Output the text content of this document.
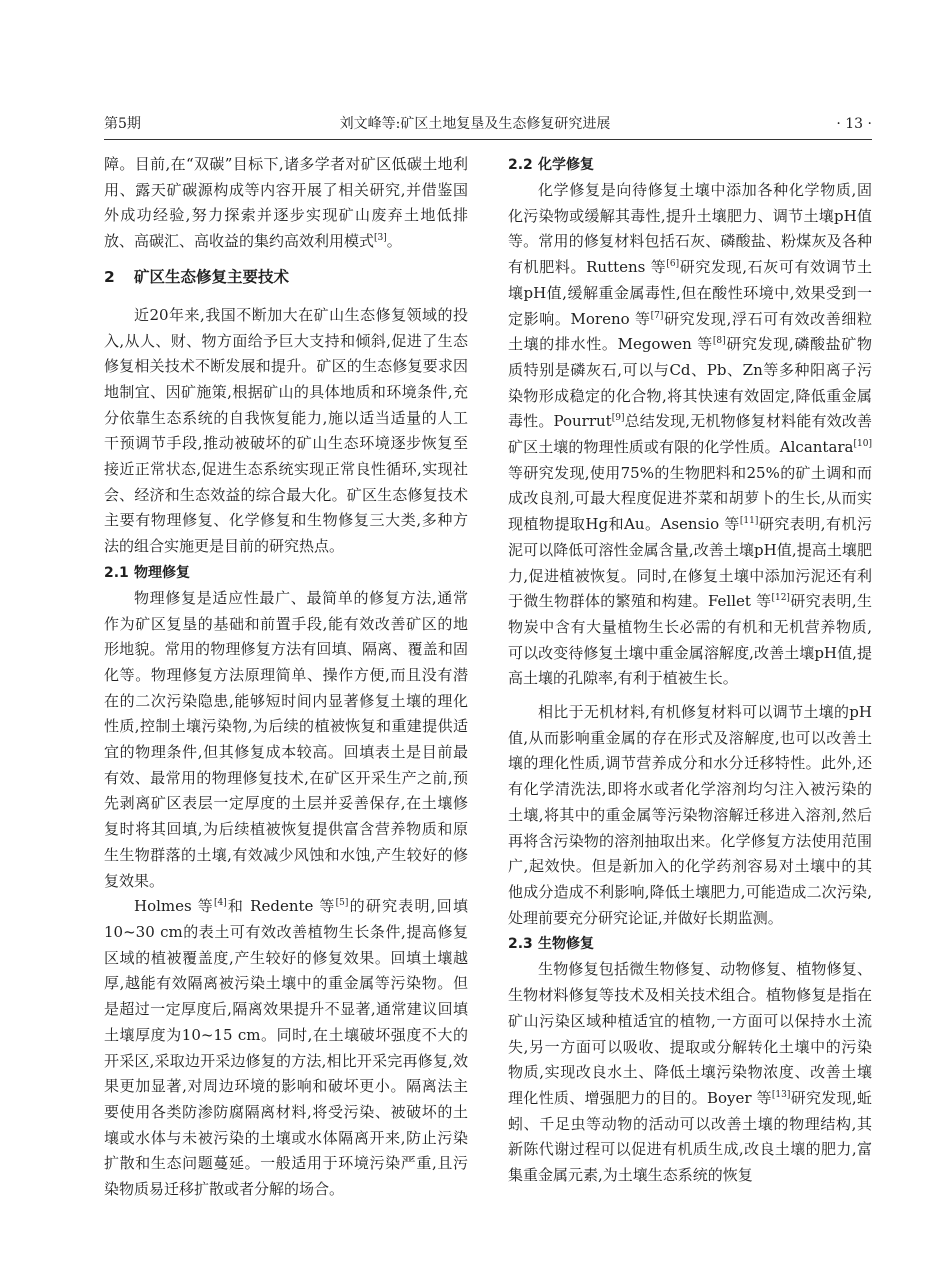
第5期	刘文峰等:矿区土地复垦及生态修复研究进展	· 13 ·

障。目前,在“双碳”目标下,诸多学者对矿区低碳土地利用、露天矿碳源构成等内容开展了相关研究,并借鉴国外成功经验,努力探索并逐步实现矿山废弃土地低排放、高碳汇、高收益的集约高效利用模式[3]。

2 矿区生态修复主要技术

近20年来,我国不断加大在矿山生态修复领域的投入,从人、财、物方面给予巨大支持和倾斜,促进了生态修复相关技术不断发展和提升。矿区的生态修复要求因地制宜、因矿施策,根据矿山的具体地质和环境条件,充分依靠生态系统的自我恢复能力,施以适当适量的人工干预调节手段,推动被破坏的矿山生态环境逐步恢复至接近正常状态,促进生态系统实现正常良性循环,实现社会、经济和生态效益的综合最大化。矿区生态修复技术主要有物理修复、化学修复和生物修复三大类,多种方法的组合实施更是目前的研究热点。

2.1 物理修复

物理修复是适应性最广、最简单的修复方法,通常作为矿区复垦的基础和前置手段,能有效改善矿区的地形地貌。常用的物理修复方法有回填、隔离、覆盖和固化等。物理修复方法原理简单、操作方便,而且没有潜在的二次污染隐患,能够短时间内显著修复土壤的理化性质,控制土壤污染物,为后续的植被恢复和重建提供适宜的物理条件,但其修复成本较高。回填表土是目前最有效、最常用的物理修复技术,在矿区开采生产之前,预先剥离矿区表层一定厚度的土层并妥善保存,在土壤修复时将其回填,为后续植被恢复提供富含营养物质和原生生物群落的土壤,有效减少风蚀和水蚀,产生较好的修复效果。

Holmes 等[4]和 Redente 等[5]的研究表明,回填10~30 cm的表土可有效改善植物生长条件,提高修复区域的植被覆盖度,产生较好的修复效果。回填土壤越厚,越能有效隔离被污染土壤中的重金属等污染物。但是超过一定厚度后,隔离效果提升不显著,通常建议回填土壤厚度为10~15 cm。同时,在土壤破坏强度不大的开采区,采取边开采边修复的方法,相比开采完再修复,效果更加显著,对周边环境的影响和破坏更小。隔离法主要使用各类防渗防腐隔离材料,将受污染、被破坏的土壤或水体与未被污染的土壤或水体隔离开来,防止污染扩散和生态问题蔓延。一般适用于环境污染严重,且污染物质易迁移扩散或者分解的场合。

2.2 化学修复

化学修复是向待修复土壤中添加各种化学物质,固化污染物或缓解其毒性,提升土壤肥力、调节土壤pH值等。常用的修复材料包括石灰、磷酸盐、粉煤灰及各种有机肥料。Ruttens 等[6]研究发现,石灰可有效调节土壤pH值,缓解重金属毒性,但在酸性环境中,效果受到一定影响。Moreno 等[7]研究发现,浮石可有效改善细粒土壤的排水性。Megowen 等[8]研究发现,磷酸盐矿物质特别是磷灰石,可以与Cd、Pb、Zn等多种阳离子污染物形成稳定的化合物,将其快速有效固定,降低重金属毒性。Pourrut[9]总结发现,无机物修复材料能有效改善矿区土壤的物理性质或有限的化学性质。Alcantara[10]等研究发现,使用75%的生物肥料和25%的矿土调和而成改良剂,可最大程度促进芥菜和胡萝卜的生长,从而实现植物提取Hg和Au。Asensio 等[11]研究表明,有机污泥可以降低可溶性金属含量,改善土壤pH值,提高土壤肥力,促进植被恢复。同时,在修复土壤中添加污泥还有利于微生物群体的繁殖和构建。Fellet 等[12]研究表明,生物炭中含有大量植物生长必需的有机和无机营养物质,可以改变待修复土壤中重金属溶解度,改善土壤pH值,提高土壤的孔隙率,有利于植被生长。

相比于无机材料,有机修复材料可以调节土壤的pH值,从而影响重金属的存在形式及溶解度,也可以改善土壤的理化性质,调节营养成分和水分迁移特性。此外,还有化学清洗法,即将水或者化学溶剂均匀注入被污染的土壤,将其中的重金属等污染物溶解迁移进入溶剂,然后再将含污染物的溶剂抽取出来。化学修复方法使用范围广,起效快。但是新加入的化学药剂容易对土壤中的其他成分造成不利影响,降低土壤肥力,可能造成二次污染,处理前要充分研究论证,并做好长期监测。

2.3 生物修复

生物修复包括微生物修复、动物修复、植物修复、生物材料修复等技术及相关技术组合。植物修复是指在矿山污染区域种植适宜的植物,一方面可以保持水土流失,另一方面可以吸收、提取或分解转化土壤中的污染物质,实现改良水土、降低土壤污染物浓度、改善土壤理化性质、增强肥力的目的。Boyer 等[13]研究发现,蚯蚓、千足虫等动物的活动可以改善土壤的物理结构,其新陈代谢过程可以促进有机质生成,改良土壤的肥力,富集重金属元素,为土壤生态系统的恢复
